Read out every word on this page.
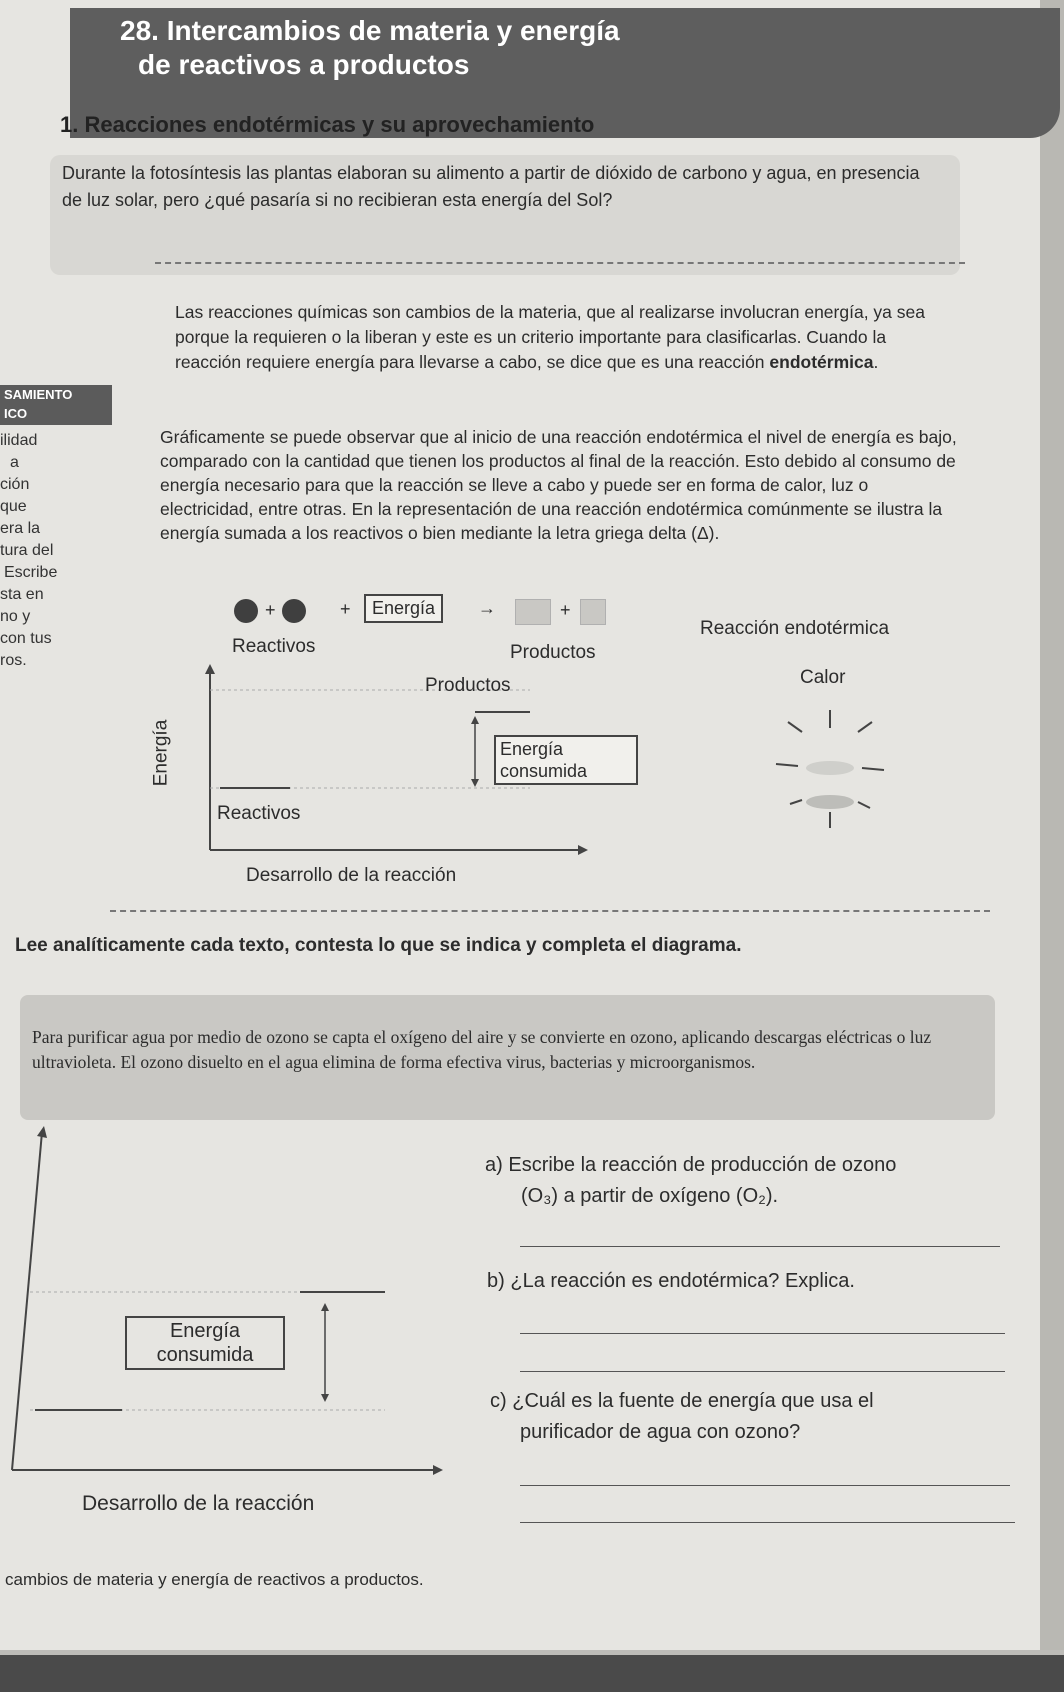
28. Intercambios de materia y energía
de reactivos a productos
1. Reacciones endotérmicas y su aprovechamiento
Durante la fotosíntesis las plantas elaboran su alimento a partir de dióxido de carbono y agua, en presencia de luz solar, pero ¿qué pasaría si no recibieran esta energía del Sol?
SAMIENTO
ICO
ilidad
a
ción
que
era la
tura del
Escribe
sta en
no y
con tus
ros.
Las reacciones químicas son cambios de la materia, que al realizarse involucran energía, ya sea porque la requieren o la liberan y este es un criterio importante para clasificarlas. Cuando la reacción requiere energía para llevarse a cabo, se dice que es una reacción endotérmica.
Gráficamente se puede observar que al inicio de una reacción endotérmica el nivel de energía es bajo, comparado con la cantidad que tienen los productos al final de la reacción. Esto debido al consumo de energía necesario para que la reacción se lleve a cabo y puede ser en forma de calor, luz o electricidad, entre otras. En la representación de una reacción endotérmica comúnmente se ilustra la energía sumada a los reactivos o bien mediante la letra griega delta (Δ).
+	+	Energía	→	+
Reacción endotérmica
Reactivos	Productos
Productos
Reactivos
Energía
consumida
Energía
Desarrollo de la reacción
Calor
Lee analíticamente cada texto, contesta lo que se indica y completa el diagrama.
Para purificar agua por medio de ozono se capta el oxígeno del aire y se convierte en ozono, aplicando descargas eléctricas o luz ultravioleta. El ozono disuelto en el agua elimina de forma efectiva virus, bacterias y microorganismos.
Energía
consumida
Desarrollo de la reacción
a) Escribe la reacción de producción de ozono
(O₃) a partir de oxígeno (O₂).
b) ¿La reacción es endotérmica? Explica.
c) ¿Cuál es la fuente de energía que usa el
purificador de agua con ozono?
cambios de materia y energía de reactivos a productos.
